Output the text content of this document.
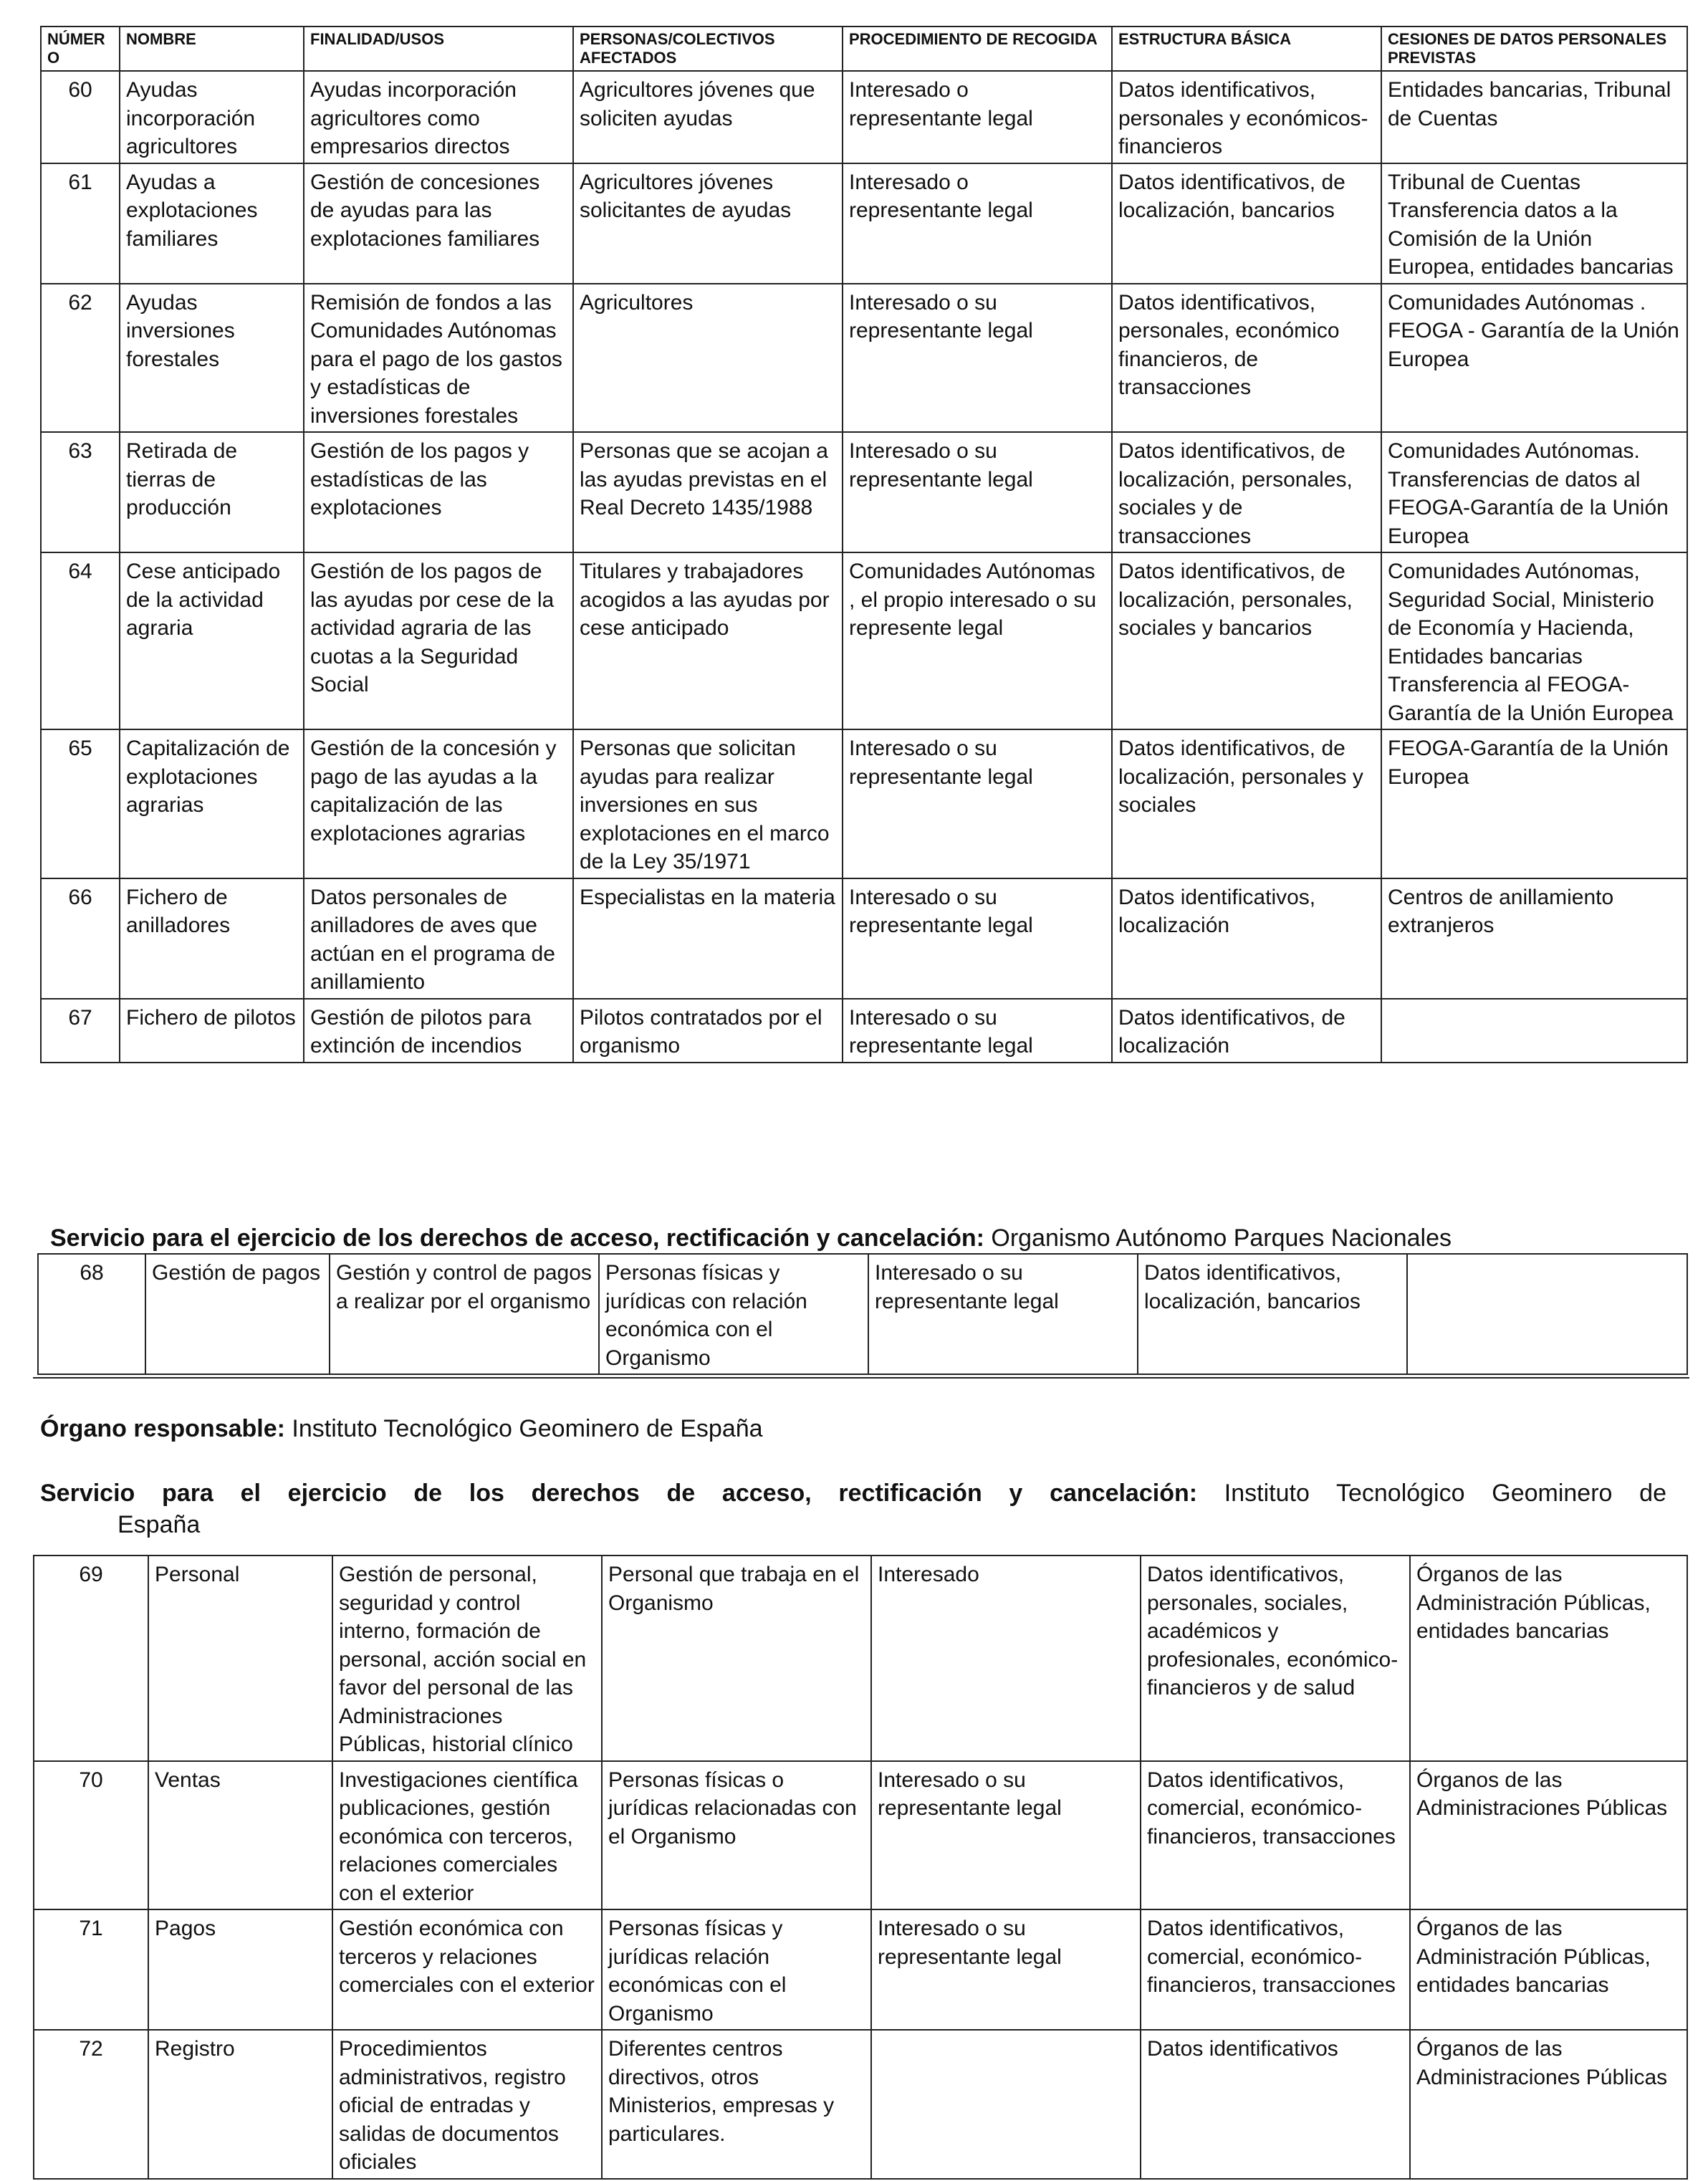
NÚMERO	NOMBRE	FINALIDAD/USOS	PERSONAS/COLECTIVOS AFECTADOS	PROCEDIMIENTO DE RECOGIDA	ESTRUCTURA BÁSICA	CESIONES DE DATOS PERSONALES PREVISTAS
60	Ayudas incorporación agricultores	Ayudas incorporación agricultores como empresarios directos	Agricultores jóvenes que soliciten ayudas	Interesado o representante legal	Datos identificativos, personales y económicos-financieros	Entidades bancarias, Tribunal de Cuentas
61	Ayudas a explotaciones familiares	Gestión de concesiones de ayudas para las explotaciones familiares	Agricultores jóvenes solicitantes de ayudas	Interesado o representante legal	Datos identificativos, de localización, bancarios	Tribunal de Cuentas Transferencia datos a la Comisión de la Unión Europea, entidades bancarias
62	Ayudas inversiones forestales	Remisión de fondos a las Comunidades Autónomas para el pago de los gastos y estadísticas de inversiones forestales	Agricultores	Interesado o su representante legal	Datos identificativos, personales, económico financieros, de transacciones	Comunidades Autónomas . FEOGA - Garantía de la Unión Europea
63	Retirada de tierras de producción	Gestión de los pagos y estadísticas de las explotaciones	Personas que se acojan a las ayudas previstas en el Real Decreto 1435/1988	Interesado o su representante legal	Datos identificativos, de localización, personales, sociales y de transacciones	Comunidades Autónomas. Transferencias de datos al FEOGA-Garantía de la Unión Europea
64	Cese anticipado de la actividad agraria	Gestión de los pagos de las ayudas por cese de la actividad agraria de las cuotas a la Seguridad Social	Titulares y trabajadores acogidos a las ayudas por cese anticipado	Comunidades Autónomas , el propio interesado o su represente legal	Datos identificativos, de localización, personales, sociales y bancarios	Comunidades Autónomas, Seguridad Social, Ministerio de Economía y Hacienda, Entidades bancarias Transferencia al FEOGA-Garantía de la Unión Europea
65	Capitalización de explotaciones agrarias	Gestión de la concesión y pago de las ayudas a la capitalización de las explotaciones agrarias	Personas que solicitan ayudas para realizar inversiones en sus explotaciones en el marco de la Ley 35/1971	Interesado o su representante legal	Datos identificativos, de localización, personales y sociales	FEOGA-Garantía de la Unión Europea
66	Fichero de anilladores	Datos personales de anilladores de aves que actúan en el programa de anillamiento	Especialistas en la materia	Interesado o su representante legal	Datos identificativos, localización	Centros de anillamiento extranjeros
67	Fichero de pilotos	Gestión de pilotos para extinción de incendios	Pilotos contratados por el organismo	Interesado o su representante legal	Datos identificativos, de localización	
Servicio para el ejercicio de los derechos de acceso, rectificación y cancelación: Organismo Autónomo Parques Nacionales
68	Gestión de pagos	Gestión y control de pagos a realizar por el organismo	Personas físicas y jurídicas con relación económica con el Organismo	Interesado o su representante legal	Datos identificativos, localización, bancarios	
Órgano responsable: Instituto Tecnológico Geominero de España
Servicio para el ejercicio de los derechos de acceso, rectificación y cancelación: Instituto Tecnológico Geominero de
España
69	Personal	Gestión de personal, seguridad y control interno, formación de personal, acción social en favor del personal de las Administraciones Públicas, historial clínico	Personal que trabaja en el Organismo	Interesado	Datos identificativos, personales, sociales, académicos y profesionales, económico-financieros y de salud	Órganos de las Administración Públicas, entidades bancarias
70	Ventas	Investigaciones científica publicaciones, gestión económica con terceros, relaciones comerciales con el exterior	Personas físicas o jurídicas relacionadas con el Organismo	Interesado o su representante legal	Datos identificativos, comercial, económico-financieros, transacciones	Órganos de las Administraciones Públicas
71	Pagos	Gestión económica con terceros y relaciones comerciales con el exterior	Personas físicas y jurídicas relación económicas con el Organismo	Interesado o su representante legal	Datos identificativos, comercial, económico-financieros, transacciones	Órganos de las Administración Públicas, entidades bancarias
72	Registro	Procedimientos administrativos, registro oficial de entradas y salidas de documentos oficiales	Diferentes centros directivos, otros Ministerios, empresas y particulares.		Datos identificativos	Órganos de las Administraciones Públicas
